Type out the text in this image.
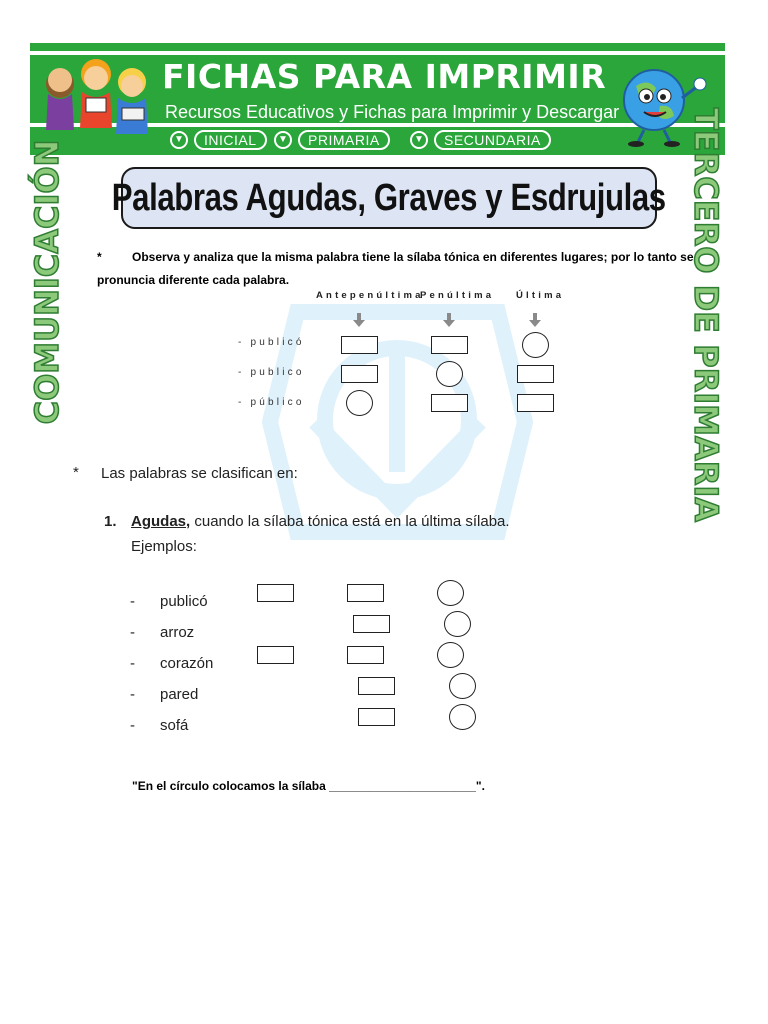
FICHAS PARA IMPRIMIR
Recursos Educativos y Fichas para Imprimir y Descargar
▼	INICIAL	▼	PRIMARIA	▼	SECUNDARIA
COMUNICACIÓN	TERCERO DE PRIMARIA
Palabras Agudas, Graves y Esdrujulas
*	Observa y analiza que la misma palabra tiene la sílaba tónica en diferentes lugares; por lo tanto se
pronuncia diferente cada palabra.
Antepenúltima
Penúltima Última
- publicó
- publico
- público
* Las palabras se clasifican en:
1. Agudas, cuando la sílaba tónica está en la última sílaba.
Ejemplos:
- publicó
- arroz
- corazón
- pared
- sofá
"En el círculo colocamos la sílaba ______________________".
